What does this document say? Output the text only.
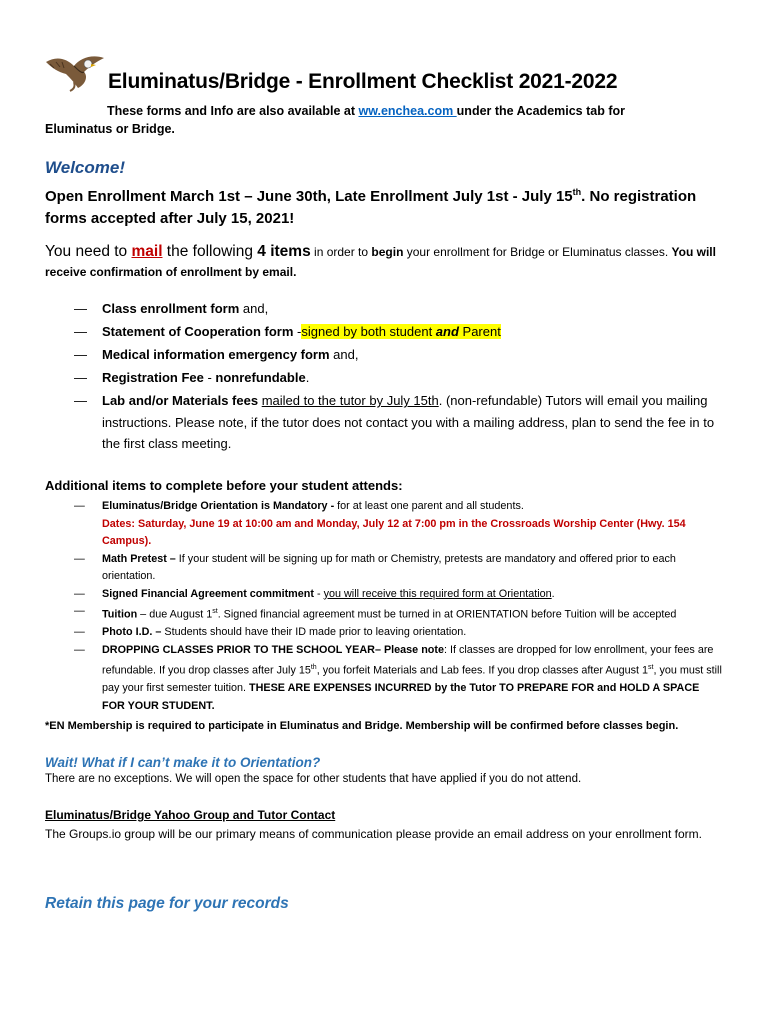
Eluminatus/Bridge - Enrollment Checklist 2021-2022
These forms and Info are also available at ww.enchea.com under the Academics tab for
Eluminatus or Bridge.
Welcome!
Open Enrollment March 1st – June 30th, Late Enrollment July 1st - July 15th. No registration forms accepted after July 15, 2021!
You need to mail the following 4 items in order to begin your enrollment for Bridge or Eluminatus classes. You will receive confirmation of enrollment by email.
— Class enrollment form and,
— Statement of Cooperation form -signed by both student and Parent
— Medical information emergency form and,
— Registration Fee - nonrefundable.
— Lab and/or Materials fees mailed to the tutor by July 15th. (non-refundable) Tutors will email you mailing instructions. Please note, if the tutor does not contact you with a mailing address, plan to send the fee in to the first class meeting.
Additional items to complete before your student attends:
— Eluminatus/Bridge Orientation is Mandatory - for at least one parent and all students.
Dates: Saturday, June 19 at 10:00 am and Monday, July 12 at 7:00 pm in the Crossroads Worship Center (Hwy. 154 Campus).
— Math Pretest – If your student will be signing up for math or Chemistry, pretests are mandatory and offered prior to each orientation.
— Signed Financial Agreement commitment - you will receive this required form at Orientation.
— Tuition – due August 1st. Signed financial agreement must be turned in at ORIENTATION before Tuition will be accepted
— Photo I.D. – Students should have their ID made prior to leaving orientation.
— DROPPING CLASSES PRIOR TO THE SCHOOL YEAR– Please note: If classes are dropped for low enrollment, your fees are refundable. If you drop classes after July 15th, you forfeit Materials and Lab fees. If you drop classes after August 1st, you must still pay your first semester tuition. THESE ARE EXPENSES INCURRED by the Tutor TO PREPARE FOR and HOLD A SPACE FOR YOUR STUDENT.
*EN Membership is required to participate in Eluminatus and Bridge. Membership will be confirmed before classes begin.
Wait! What if I can’t make it to Orientation?
There are no exceptions. We will open the space for other students that have applied if you do not attend.
Eluminatus/Bridge Yahoo Group and Tutor Contact
The Groups.io group will be our primary means of communication please provide an email address on your enrollment form.
Retain this page for your records
